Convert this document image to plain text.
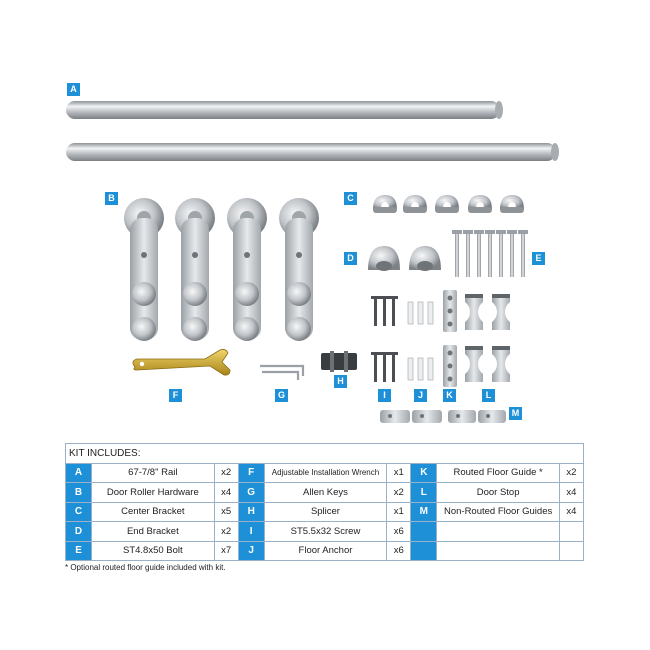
A
B	C
D	E
F	G
H
I	J	K	L
M
KIT INCLUDES:								
A	67-7/8" Rail	x2	F	Adjustable Installation Wrench	x1	K	Routed Floor Guide *	x2
B	Door Roller Hardware	x4	G	Allen Keys	x2	L	Door Stop	x4
C	Center Bracket	x5	H	Splicer	x1	M	Non-Routed Floor Guides	x4
D	End Bracket	x2	I	ST5.5x32 Screw	x6			
E	ST4.8x50 Bolt	x7	J	Floor Anchor	x6			
* Optional routed floor guide included with kit.
